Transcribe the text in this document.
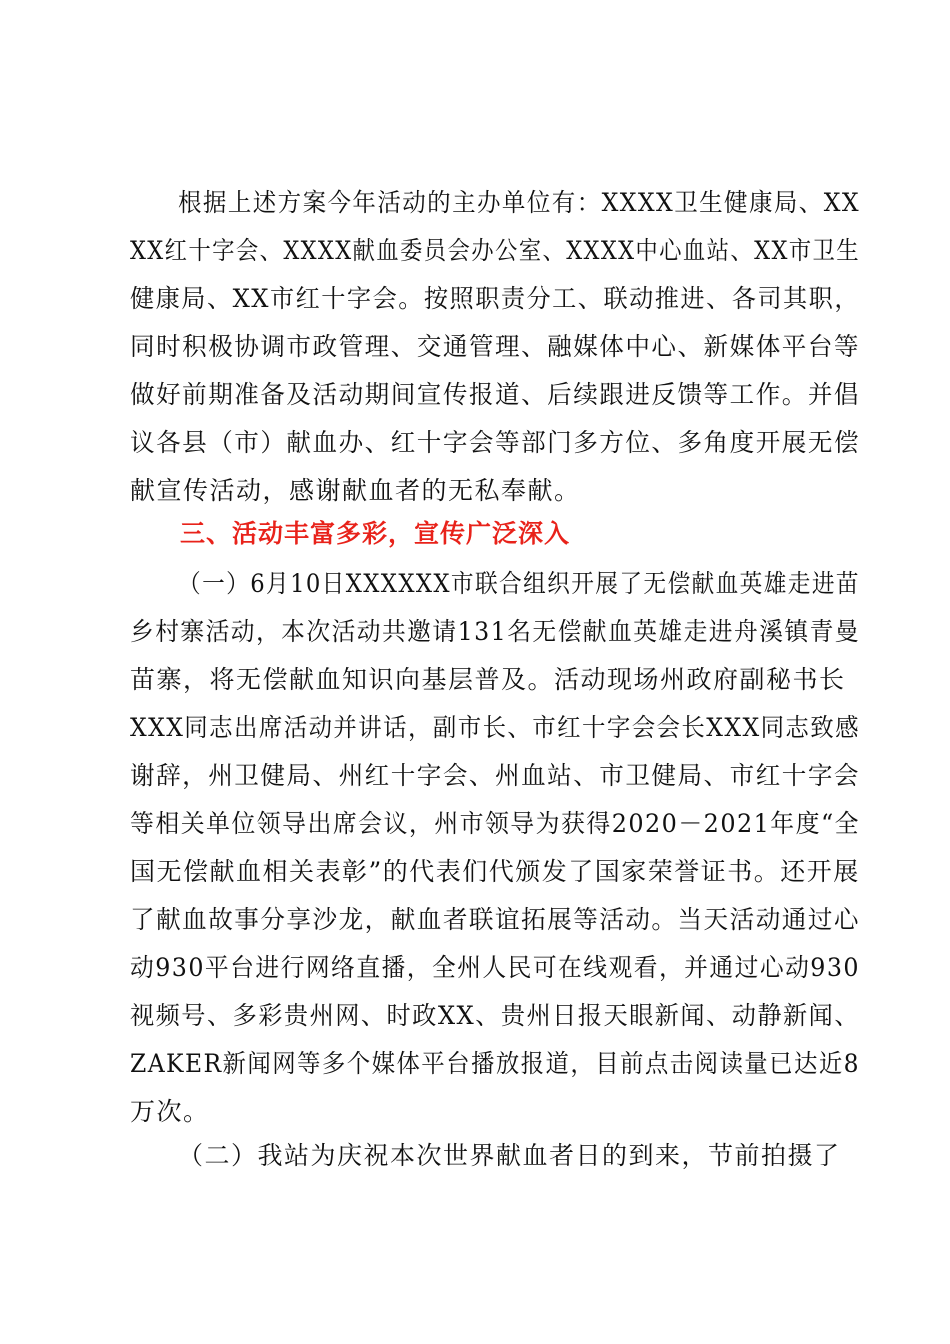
根据上述方案今年活动的主办单位有：XXXX卫生健康局、XX
XX红十字会、XXXX献血委员会办公室、XXXX中心血站、XX市卫生
健康局、XX市红十字会。按照职责分工、联动推进、各司其职，
同时积极协调市政管理、交通管理、融媒体中心、新媒体平台等
做好前期准备及活动期间宣传报道、后续跟进反馈等工作。并倡
议各县（市）献血办、红十字会等部门多方位、多角度开展无偿
献宣传活动，感谢献血者的无私奉献。
三、活动丰富多彩，宣传广泛深入
（一）6月10日XXXXXX市联合组织开展了无偿献血英雄走进苗
乡村寨活动，本次活动共邀请131名无偿献血英雄走进舟溪镇青曼
苗寨，将无偿献血知识向基层普及。活动现场州政府副秘书长
XXX同志出席活动并讲话，副市长、市红十字会会长XXX同志致感
谢辞，州卫健局、州红十字会、州血站、市卫健局、市红十字会
等相关单位领导出席会议，州市领导为获得2020－2021年度“全
国无偿献血相关表彰”的代表们代颁发了国家荣誉证书。还开展
了献血故事分享沙龙，献血者联谊拓展等活动。当天活动通过心
动930平台进行网络直播，全州人民可在线观看，并通过心动930
视频号、多彩贵州网、时政XX、贵州日报天眼新闻、动静新闻、
ZAKER新闻网等多个媒体平台播放报道，目前点击阅读量已达近8
万次。
（二）我站为庆祝本次世界献血者日的到来，节前拍摄了
